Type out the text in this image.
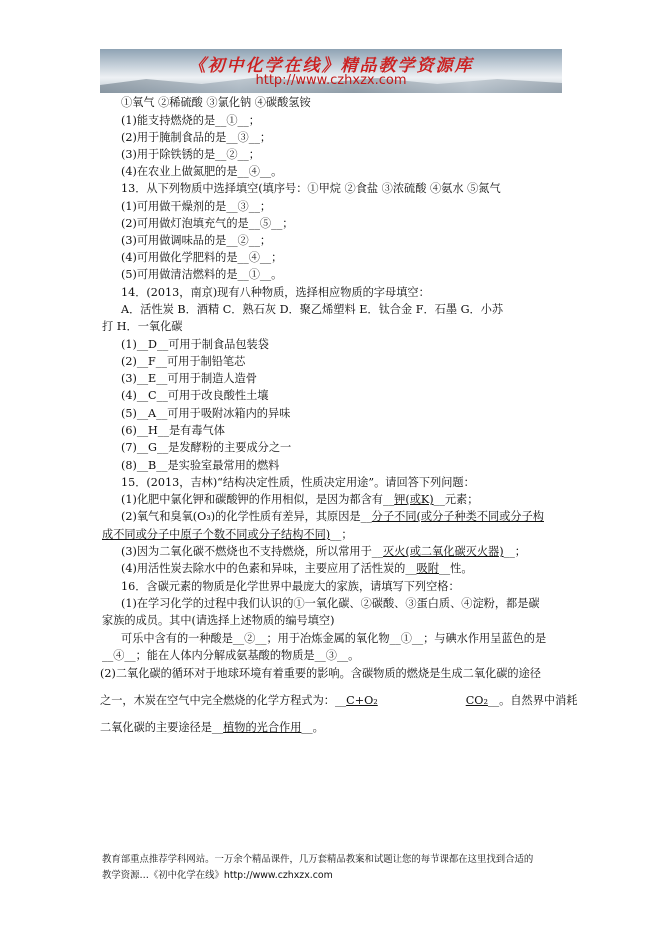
《初中化学在线》精品教学资源库
http://www.czhxzx.com
①氧气 ②稀硫酸 ③氯化钠 ④碳酸氢铵
(1)能支持燃烧的是__①__；
(2)用于腌制食品的是__③__；
(3)用于除铁锈的是__②__；
(4)在农业上做氮肥的是__④__。
13．从下列物质中选择填空(填序号：①甲烷 ②食盐 ③浓硫酸 ④氨水 ⑤氮气
(1)可用做干燥剂的是__③__；
(2)可用做灯泡填充气的是__⑤__；
(3)可用做调味品的是__②__；
(4)可用做化学肥料的是__④__；
(5)可用做清洁燃料的是__①__。
14．(2013，南京)现有八种物质，选择相应物质的字母填空：
A．活性炭 B．酒精 C．熟石灰 D．聚乙烯塑料 E．钛合金 F．石墨 G．小苏
打 H．一氧化碳
(1)__D__可用于制食品包装袋
(2)__F__可用于制铅笔芯
(3)__E__可用于制造人造骨
(4)__C__可用于改良酸性土壤
(5)__A__可用于吸附冰箱内的异味
(6)__H__是有毒气体
(7)__G__是发酵粉的主要成分之一
(8)__B__是实验室最常用的燃料
15．(2013，吉林)“结构决定性质，性质决定用途”。请回答下列问题：
(1)化肥中氯化钾和碳酸钾的作用相似，是因为都含有__钾(或K)__元素；
(2)氧气和臭氧(O₃)的化学性质有差异，其原因是__分子不同(或分子种类不同或分子构
成不同或分子中原子个数不同或分子结构不同)__；
(3)因为二氧化碳不燃烧也不支持燃烧，所以常用于__灭火(或二氧化碳灭火器)__；
(4)用活性炭去除水中的色素和异味，主要应用了活性炭的__吸附__性。
16．含碳元素的物质是化学世界中最庞大的家族，请填写下列空格：
(1)在学习化学的过程中我们认识的①一氧化碳、②碳酸、③蛋白质、④淀粉，都是碳
家族的成员。其中(请选择上述物质的编号填空)
可乐中含有的一种酸是__②__；用于冶炼金属的氧化物__①__；与碘水作用呈蓝色的是
__④__；能在人体内分解成氨基酸的物质是__③__。
(2)二氧化碳的循环对于地球环境有着重要的影响。含碳物质的燃烧是生成二氧化碳的途径
之一，木炭在空气中完全燃烧的化学方程式为：__C+O₂	CO₂__。自然界中消耗
二氧化碳的主要途径是__植物的光合作用__。
教育部重点推荐学科网站。一万余个精品课件，几万套精品教案和试题让您的每节课都在这里找到合适的
教学资源…《初中化学在线》http://www.czhxzx.com
